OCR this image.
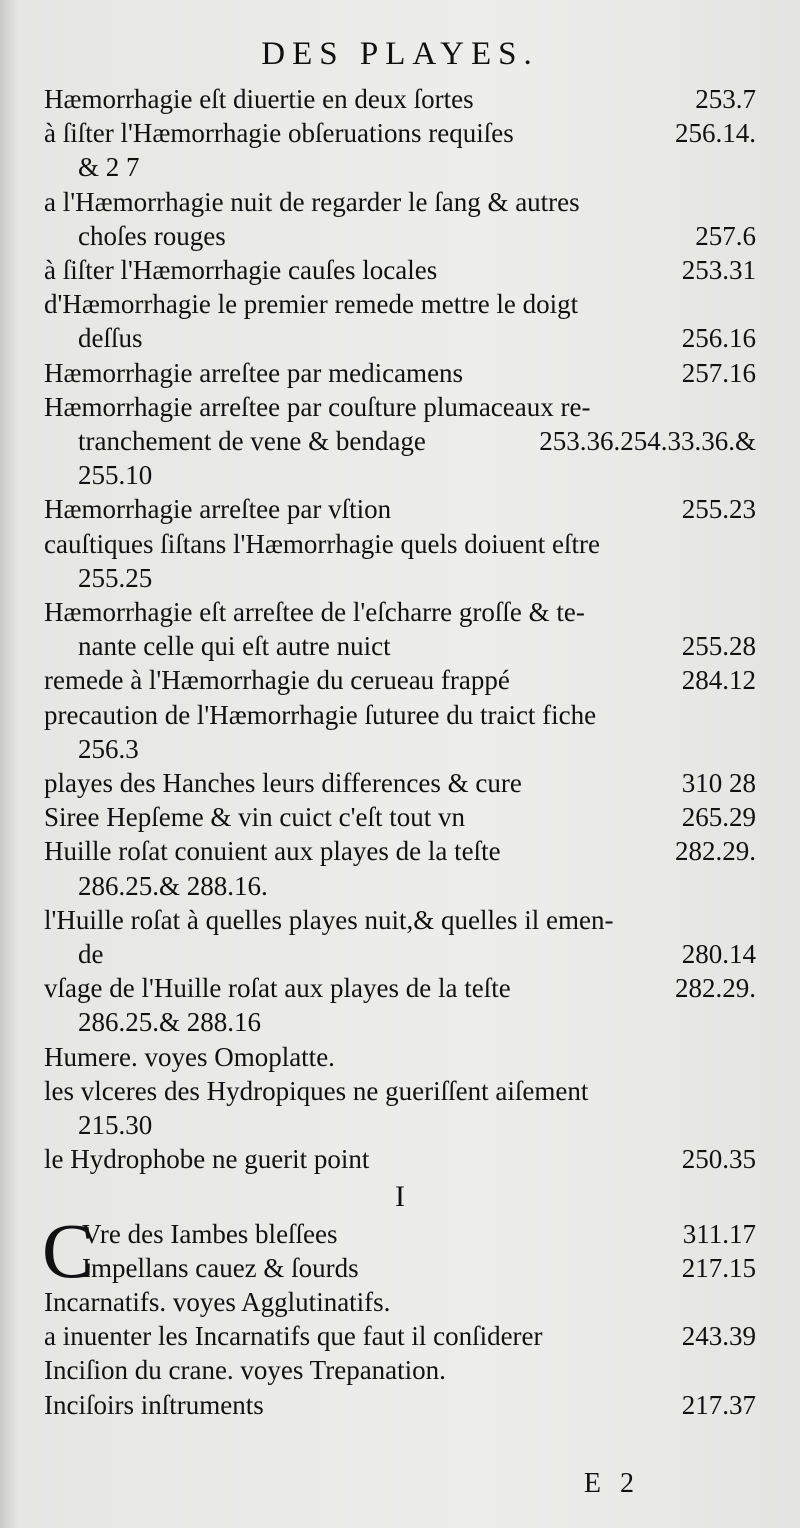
DES PLAYES.
Hæmorrhagie eſt diuertie en deux ſortes	253.7
à ſiſter l'Hæmorrhagie obſeruations requiſes	256.14.
& 2 7
a l'Hæmorrhagie nuit de regarder le ſang & autres
choſes rouges	257.6
à ſiſter l'Hæmorrhagie cauſes locales	253.31
d'Hæmorrhagie le premier remede mettre le doigt
deſſus	256.16
Hæmorrhagie arreſtee par medicamens	257.16
Hæmorrhagie arreſtee par couſture plumaceaux re-
tranchement de vene & bendage	253.36.254.33.36.&
255.10
Hæmorrhagie arreſtee par vſtion	255.23
cauſtiques ſiſtans l'Hæmorrhagie quels doiuent eſtre
255.25
Hæmorrhagie eſt arreſtee de l'eſcharre groſſe & te-
nante celle qui eſt autre nuict	255.28
remede à l'Hæmorrhagie du cerueau frappé	284.12
precaution de l'Hæmorrhagie ſuturee du traict fiche
256.3
playes des Hanches leurs differences & cure	310 28
Siree Hepſeme & vin cuict c'eſt tout vn	265.29
Huille roſat conuient aux playes de la teſte	282.29.
286.25.& 288.16.
l'Huille roſat à quelles playes nuit,& quelles il emen-
de	280.14
vſage de l'Huille roſat aux playes de la teſte	282.29.
286.25.& 288.16
Humere. voyes Omoplatte.
les vlceres des Hydropiques ne gueriſſent aiſement
215.30
le Hydrophobe ne guerit point	250.35
I
C
Vre des Iambes bleſſees	311.17
Impellans cauez & ſourds	217.15
Incarnatifs. voyes Agglutinatifs.
a inuenter les Incarnatifs que faut il conſiderer	243.39
Inciſion du crane. voyes Trepanation.
Inciſoirs inſtruments	217.37
E 2
